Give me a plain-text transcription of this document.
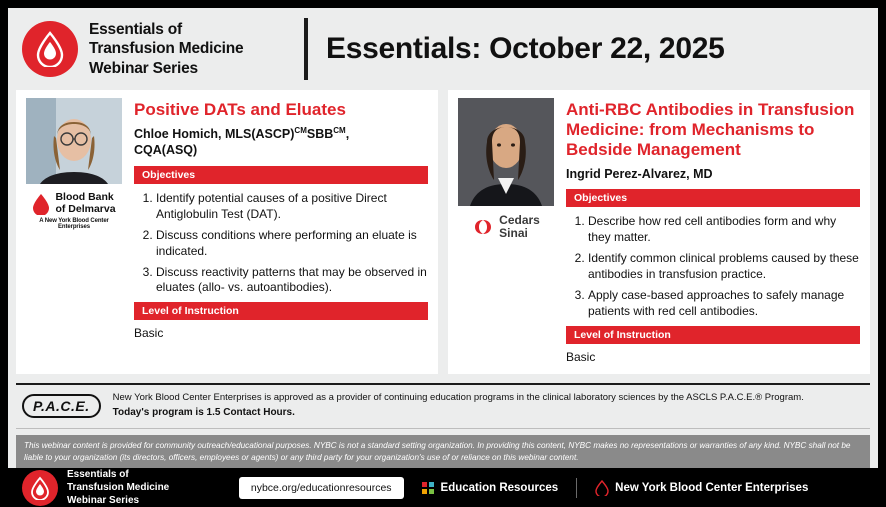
Essentials of
Transfusion Medicine
Webinar Series
Essentials: October 22, 2025
Blood Bank
of Delmarva
A New York Blood Center Enterprises
Positive DATs and Eluates
Chloe Homich, $MLS(ASCP)^{CM}SBB^{CM}$,
CQA(ASQ)
Objectives
1. Identify potential causes of a positive Direct Antiglobulin Test (DAT).
2. Discuss conditions where performing an eluate is indicated.
3. Discuss reactivity patterns that may be observed in eluates (allo- vs. autoantibodies).
Level of Instruction
Basic
Cedars
Sinai
Anti-RBC Antibodies in Transfusion Medicine: from Mechanisms to Bedside Management
Ingrid Perez-Alvarez, MD
Objectives
1. Describe how red cell antibodies form and why they matter.
2. Identify common clinical problems caused by these antibodies in transfusion practice.
3. Apply case-based approaches to safely manage patients with red cell antibodies.
Level of Instruction
Basic
P.A.C.E.
New York Blood Center Enterprises is approved as a provider of continuing education programs in the clinical laboratory sciences by the ASCLS P.A.C.E.® Program.
Today's program is 1.5 Contact Hours.
This webinar content is provided for community outreach/educational purposes. NYBC is not a standard setting organization. In providing this content, NYBC makes no representations or warranties of any kind. NYBC shall not be liable to your organization (its directors, officers, employees or agents) or any third party for your organization's use of or reliance on this webinar content.
Essentials of
Transfusion Medicine
Webinar Series
nybce.org/educationresources	Education Resources	New York Blood Center Enterprises
